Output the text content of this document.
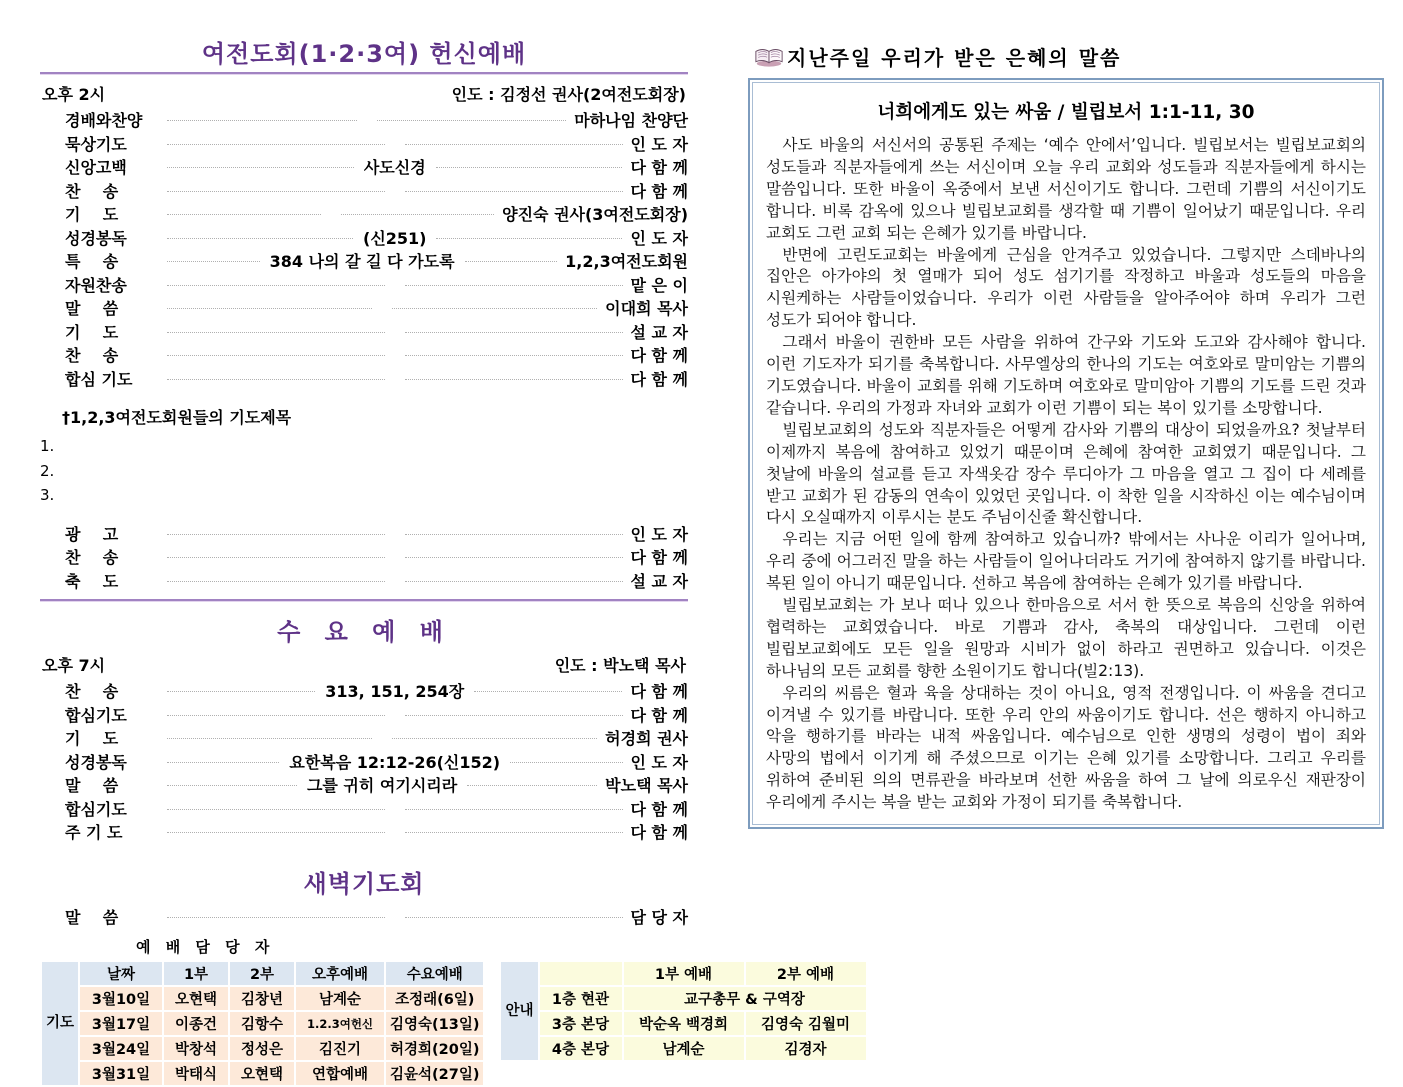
여전도회(1·2·3여) 헌신예배
오후 2시	인도 : 김정선 권사(2여전도회장)
경배와찬양	마하나임 찬양단
묵상기도	인 도 자
신앙고백	사도신경	다 함 께
찬    송	다 함 께
기    도	양진숙 권사(3여전도회장)
성경봉독	(신251)	인 도 자
특    송	384 나의 갈 길 다 가도록	1,2,3여전도회원
자원찬송	맡 은 이
말    씀	이대희 목사
기    도	설 교 자
찬    송	다 함 께
합심 기도	다 함 께
†1,2,3여전도회원들의 기도제목
1.
2.
3.
광    고	인 도 자
찬    송	다 함 께
축    도	설 교 자
수 요 예 배
오후 7시	인도 : 박노택 목사
찬    송	313, 151, 254장	다 함 께
합심기도	다 함 께
기    도	허경희 권사
성경봉독	요한복음 12:12-26(신152)	인 도 자
말    씀	그를 귀히 여기시리라	박노택 목사
합심기도	다 함 께
주 기 도	다 함 께
새벽기도회
말    씀	담 당 자
예 배 담 당 자
기도	날짜	1부	2부	오후예배	수요예배
	3월10일	오현택	김창년	남계순	조정래(6일)
	3월17일	이종건	김항수	1.2.3여헌신	김영숙(13일)
	3월24일	박창석	정성은	김진기	허경희(20일)
	3월31일	박태식	오현택	연합예배	김윤석(27일)
안내		1부 예배	2부 예배
	1층 현관	교구총무 & 구역장	
	3층 본당	박순옥 백경희	김영숙 김월미
	4층 본당	남계순	김경자
지난주일 우리가 받은 은혜의 말씀
너희에게도 있는 싸움 / 빌립보서 1:1-11, 30

사도 바울의 서신서의 공통된 주제는 ‘예수 안에서’입니다. 빌립보서는 빌립보교회의 성도들과 직분자들에게 쓰는 서신이며 오늘 우리 교회와 성도들과 직분자들에게 하시는 말씀입니다. 또한 바울이 옥중에서 보낸 서신이기도 합니다. 그런데 기쁨의 서신이기도 합니다. 비록 감옥에 있으나 빌립보교회를 생각할 때 기쁨이 일어났기 때문입니다. 우리 교회도 그런 교회 되는 은혜가 있기를 바랍니다.

반면에 고린도교회는 바울에게 근심을 안겨주고 있었습니다. 그렇지만 스데바나의 집안은 아가야의 첫 열매가 되어 성도 섬기기를 작정하고 바울과 성도들의 마음을 시원케하는 사람들이었습니다. 우리가 이런 사람들을 알아주어야 하며 우리가 그런 성도가 되어야 합니다.

그래서 바울이 권한바 모든 사람을 위하여 간구와 기도와 도고와 감사해야 합니다. 이런 기도자가 되기를 축복합니다. 사무엘상의 한나의 기도는 여호와로 말미암는 기쁨의 기도였습니다. 바울이 교회를 위해 기도하며 여호와로 말미암아 기쁨의 기도를 드린 것과 같습니다. 우리의 가정과 자녀와 교회가 이런 기쁨이 되는 복이 있기를 소망합니다.

빌립보교회의 성도와 직분자들은 어떻게 감사와 기쁨의 대상이 되었을까요? 첫날부터 이제까지 복음에 참여하고 있었기 때문이며 은혜에 참여한 교회였기 때문입니다. 그 첫날에 바울의 설교를 듣고 자색옷감 장수 루디아가 그 마음을 열고 그 집이 다 세례를 받고 교회가 된 감동의 연속이 있었던 곳입니다. 이 착한 일을 시작하신 이는 예수님이며 다시 오실때까지 이루시는 분도 주님이신줄 확신합니다.

우리는 지금 어떤 일에 함께 참여하고 있습니까? 밖에서는 사나운 이리가 일어나며, 우리 중에 어그러진 말을 하는 사람들이 일어나더라도 거기에 참여하지 않기를 바랍니다. 복된 일이 아니기 때문입니다. 선하고 복음에 참여하는 은혜가 있기를 바랍니다.

빌립보교회는 가 보나 떠나 있으나 한마음으로 서서 한 뜻으로 복음의 신앙을 위하여 협력하는 교회였습니다. 바로 기쁨과 감사, 축복의 대상입니다. 그런데 이런 빌립보교회에도 모든 일을 원망과 시비가 없이 하라고 권면하고 있습니다. 이것은 하나님의 모든 교회를 향한 소원이기도 합니다(빌2:13).

우리의 씨름은 혈과 육을 상대하는 것이 아니요, 영적 전쟁입니다. 이 싸움을 견디고 이겨낼 수 있기를 바랍니다. 또한 우리 안의 싸움이기도 합니다. 선은 행하지 아니하고 악을 행하기를 바라는 내적 싸움입니다. 예수님으로 인한 생명의 성령이 법이 죄와 사망의 법에서 이기게 해 주셨으므로 이기는 은혜 있기를 소망합니다. 그리고 우리를 위하여 준비된 의의 면류관을 바라보며 선한 싸움을 하여 그 날에 의로우신 재판장이 우리에게 주시는 복을 받는 교회와 가정이 되기를 축복합니다.
